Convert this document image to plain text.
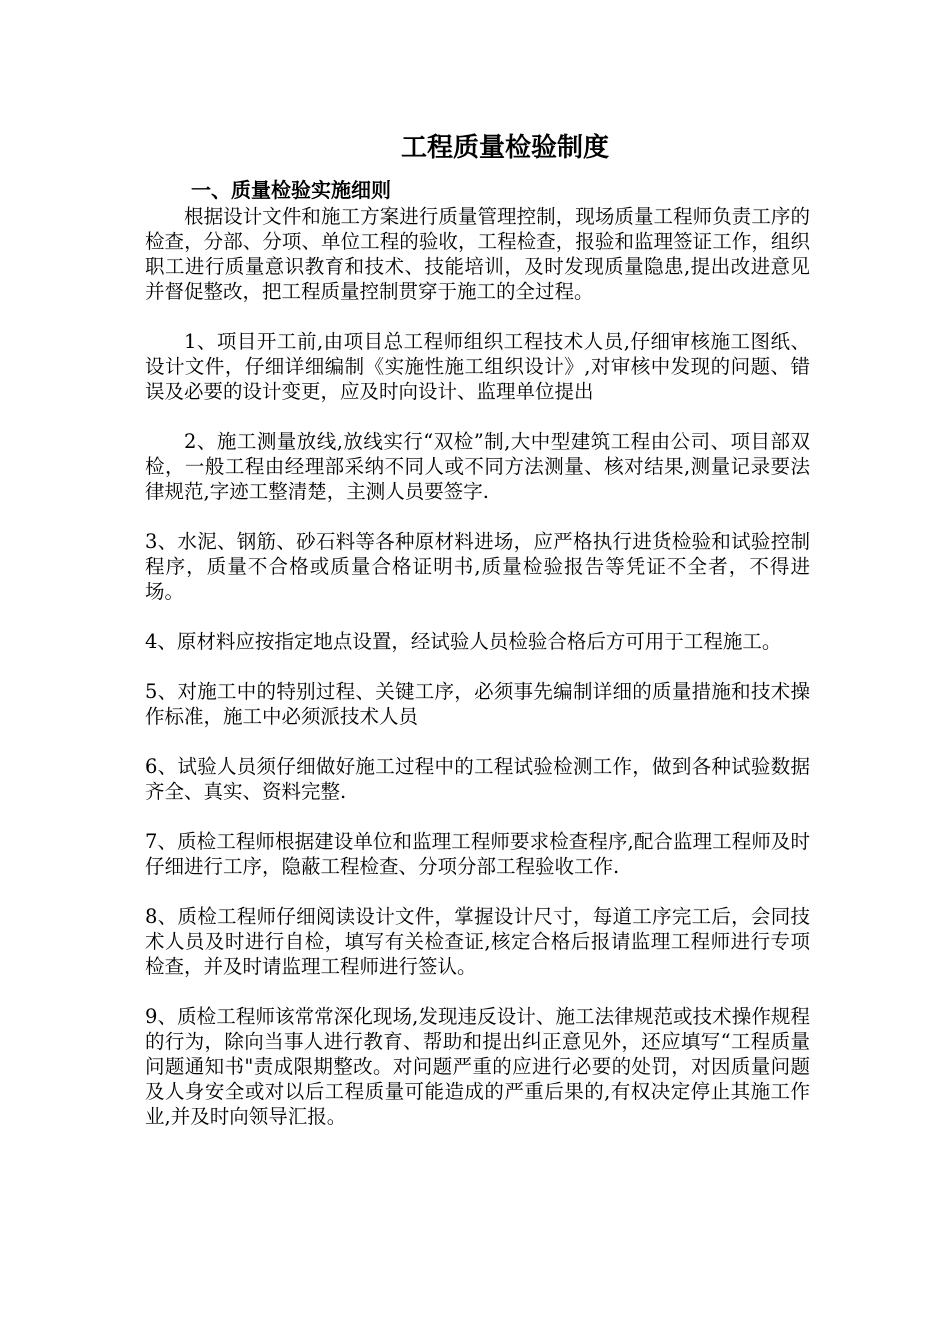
工程质量检验制度
一、质量检验实施细则

根据设计文件和施工方案进行质量管理控制，现场质量工程师负责工序的检查，分部、分项、单位工程的验收，工程检查，报验和监理签证工作，组织职工进行质量意识教育和技术、技能培训，及时发现质量隐患,提出改进意见并督促整改，把工程质量控制贯穿于施工的全过程。

1、项目开工前,由项目总工程师组织工程技术人员,仔细审核施工图纸、设计文件，仔细详细编制《实施性施工组织设计》,对审核中发现的问题、错误及必要的设计变更，应及时向设计、监理单位提出

2、施工测量放线,放线实行“双检”制,大中型建筑工程由公司、项目部双检，一般工程由经理部采纳不同人或不同方法测量、核对结果,测量记录要法律规范,字迹工整清楚，主测人员要签字.

3、水泥、钢筋、砂石料等各种原材料进场，应严格执行进货检验和试验控制程序，质量不合格或质量合格证明书,质量检验报告等凭证不全者，不得进场。

4、原材料应按指定地点设置，经试验人员检验合格后方可用于工程施工。

5、对施工中的特别过程、关键工序，必须事先编制详细的质量措施和技术操作标准，施工中必须派技术人员

6、试验人员须仔细做好施工过程中的工程试验检测工作，做到各种试验数据齐全、真实、资料完整.

7、质检工程师根据建设单位和监理工程师要求检查程序,配合监理工程师及时仔细进行工序，隐蔽工程检查、分项分部工程验收工作.

8、质检工程师仔细阅读设计文件，掌握设计尺寸，每道工序完工后，会同技术人员及时进行自检，填写有关检查证,核定合格后报请监理工程师进行专项检查，并及时请监理工程师进行签认。

9、质检工程师该常常深化现场,发现违反设计、施工法律规范或技术操作规程的行为，除向当事人进行教育、帮助和提出纠正意见外，还应填写“工程质量问题通知书"责成限期整改。对问题严重的应进行必要的处罚，对因质量问题及人身安全或对以后工程质量可能造成的严重后果的,有权决定停止其施工作业,并及时向领导汇报。
